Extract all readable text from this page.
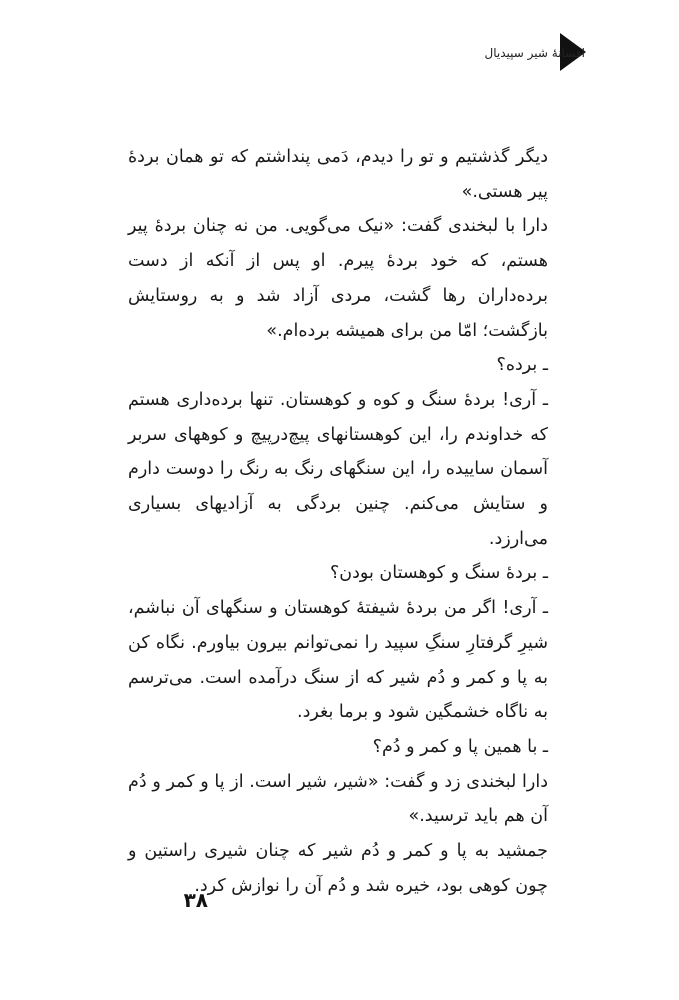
افسانهٔ شیر سپیدیال

دیگر گذشتیم و تو را دیدم، دَمی پنداشتم که تو همان بردهٔ پیر هستی.»

دارا با لبخندی گفت: «نیک می‌گویی. من نه چنان بردهٔ پیر هستم، که خود بردهٔ پیرم. او پس از آنکه از دست برده‌داران رها گشت، مردی آزاد شد و به روستایش بازگشت؛ امّا من برای همیشه برده‌ام.»

ـ برده؟

ـ آری! بردهٔ سنگ و کوه و کوهستان. تنها برده‌داری هستم که خداوندم را، این کوهستانهای پیچ‌درپیچ و کوههای سربر آسمان ساییده را، این سنگهای رنگ به رنگ را دوست دارم و ستایش می‌کنم. چنین بردگی به آزادیهای بسیاری می‌ارزد.

ـ بردهٔ سنگ و کوهستان بودن؟

ـ آری! اگر من بردهٔ شیفتهٔ کوهستان و سنگهای آن نباشم، شیرِ گرفتارِ سنگِ سپید را نمی‌توانم بیرون بیاورم. نگاه کن به پا و کمر و دُم شیر که از سنگ درآمده است. می‌ترسم به ناگاه خشمگین شود و برما بغرد.

ـ با همین پا و کمر و دُم؟

دارا لبخندی زد و گفت: «شیر، شیر است. از پا و کمر و دُم آن هم باید ترسید.»

جمشید به پا و کمر و دُم شیر که چنان شیری راستین و چون کوهی بود، خیره شد و دُم آن را نوازش کرد.

۳۸
